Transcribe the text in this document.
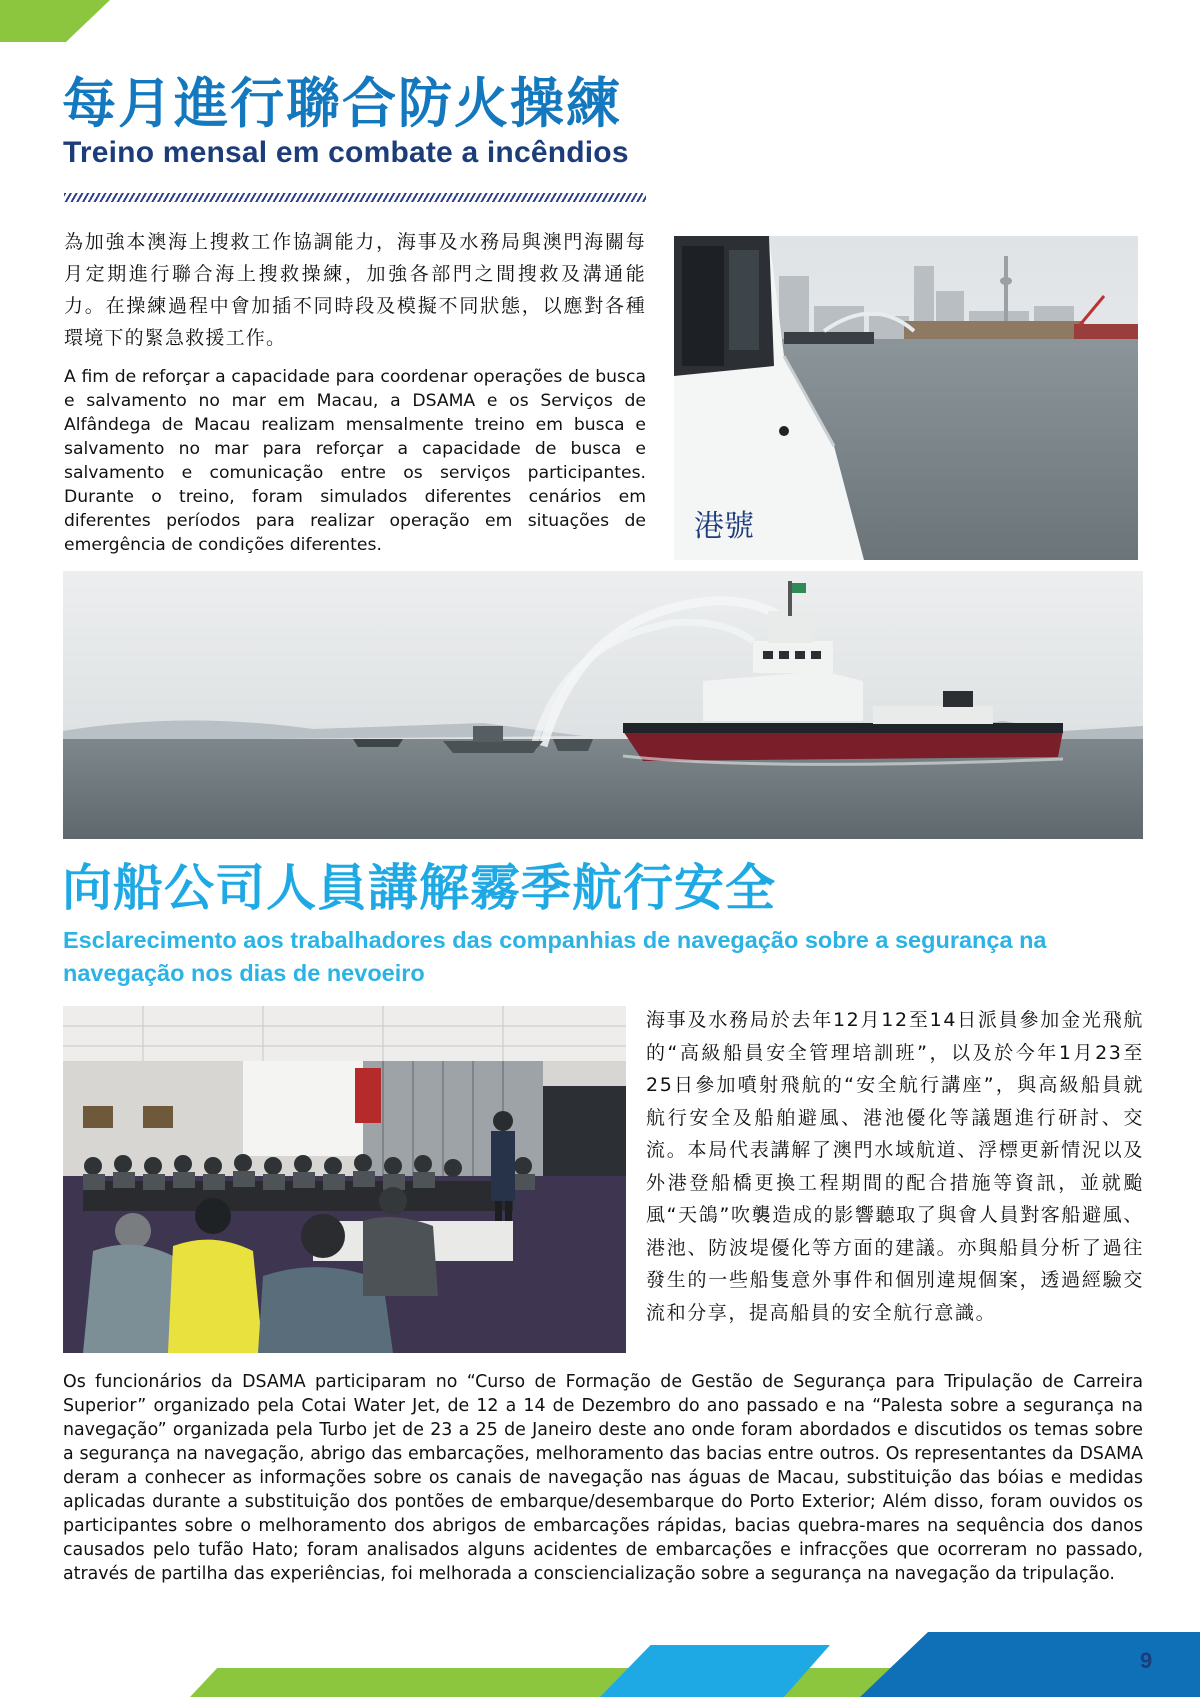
每月進行聯合防火操練
Treino mensal em combate a incêndios

為加強本澳海上搜救工作協調能力，海事及水務局與澳門海關每月定期進行聯合海上搜救操練，加強各部門之間搜救及溝通能力。在操練過程中會加插不同時段及模擬不同狀態，以應對各種環境下的緊急救援工作。

A fim de reforçar a capacidade para coordenar operações de busca e salvamento no mar em Macau, a DSAMA e os Serviços de Alfândega de Macau realizam mensalmente treino em busca e salvamento no mar para reforçar a capacidade de busca e salvamento e comunicação entre os serviços participantes. Durante o treino, foram simulados diferentes cenários em diferentes períodos para realizar operação em situações de emergência de condições diferentes.

港號
向船公司人員講解霧季航行安全
Esclarecimento aos trabalhadores das companhias de navegação sobre a segurança na navegação nos dias de nevoeiro

海事及水務局於去年12月12至14日派員參加金光飛航的“高級船員安全管理培訓班”，以及於今年1月23至25日參加噴射飛航的“安全航行講座”，與高級船員就航行安全及船舶避風、港池優化等議題進行研討、交流。本局代表講解了澳門水域航道、浮標更新情況以及外港登船橋更換工程期間的配合措施等資訊，並就颱風“天鴿”吹襲造成的影響聽取了與會人員對客船避風、港池、防波堤優化等方面的建議。亦與船員分析了過往發生的一些船隻意外事件和個別違規個案，透過經驗交流和分享，提高船員的安全航行意識。

Os funcionários da DSAMA participaram no “Curso de Formação de Gestão de Segurança para Tripulação de Carreira Superior” organizado pela Cotai Water Jet, de 12 a 14 de Dezembro do ano passado e na “Palesta sobre a segurança na navegação” organizada pela Turbo jet de 23 a 25 de Janeiro deste ano onde foram abordados e discutidos os temas sobre a segurança na navegação, abrigo das embarcações, melhoramento das bacias entre outros. Os representantes da DSAMA deram a conhecer as informações sobre os canais de navegação nas águas de Macau, substituição das bóias e medidas aplicadas durante a substituição dos pontões de embarque/desembarque do Porto Exterior; Além disso, foram ouvidos os participantes sobre o melhoramento dos abrigos de embarcações rápidas, bacias quebra-mares na sequência dos danos causados pelo tufão Hato; foram analisados alguns acidentes de embarcações e infracções que ocorreram no passado, através de partilha das experiências, foi melhorada a consciencialização sobre a segurança na navegação da tripulação.

9
